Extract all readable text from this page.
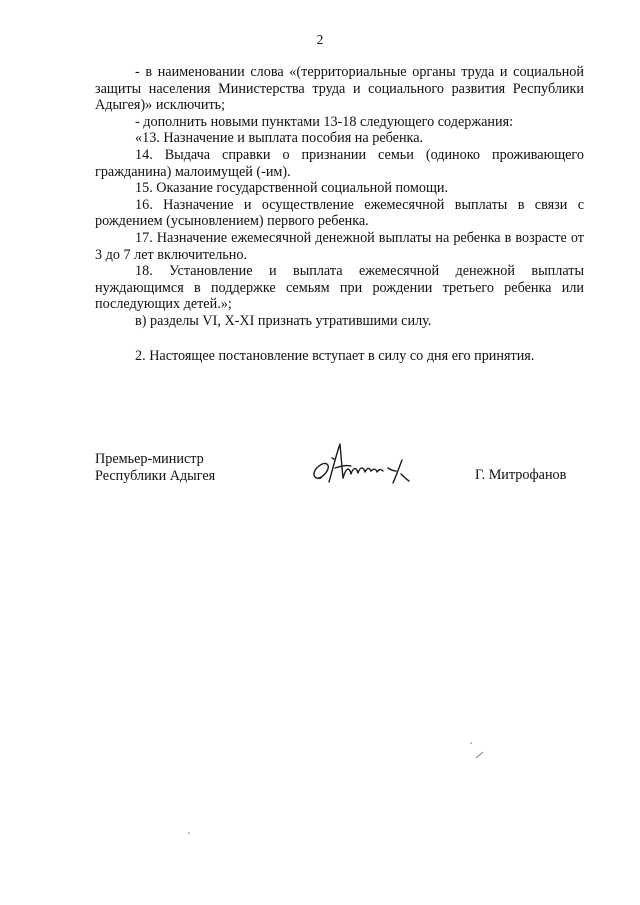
2

- в наименовании слова «(территориальные органы труда и социальной защиты населения Министерства труда и социального развития Республики Адыгея)» исключить;

- дополнить новыми пунктами 13-18 следующего содержания:

«13. Назначение и выплата пособия на ребенка.

14. Выдача справки о признании семьи (одиноко проживающего гражданина) малоимущей (-им).

15. Оказание государственной социальной помощи.

16. Назначение и осуществление ежемесячной выплаты в связи с рождением (усыновлением) первого ребенка.

17. Назначение ежемесячной денежной выплаты на ребенка в возрасте от 3 до 7 лет включительно.

18. Установление и выплата ежемесячной денежной выплаты нуждающимся в поддержке семьям при рождении третьего ребенка или последующих детей.»;

в) разделы VI, X-XI признать утратившими силу.

2. Настоящее постановление вступает в силу со дня его принятия.

Премьер-министр
Республики Адыгея	Г. Митрофанов
